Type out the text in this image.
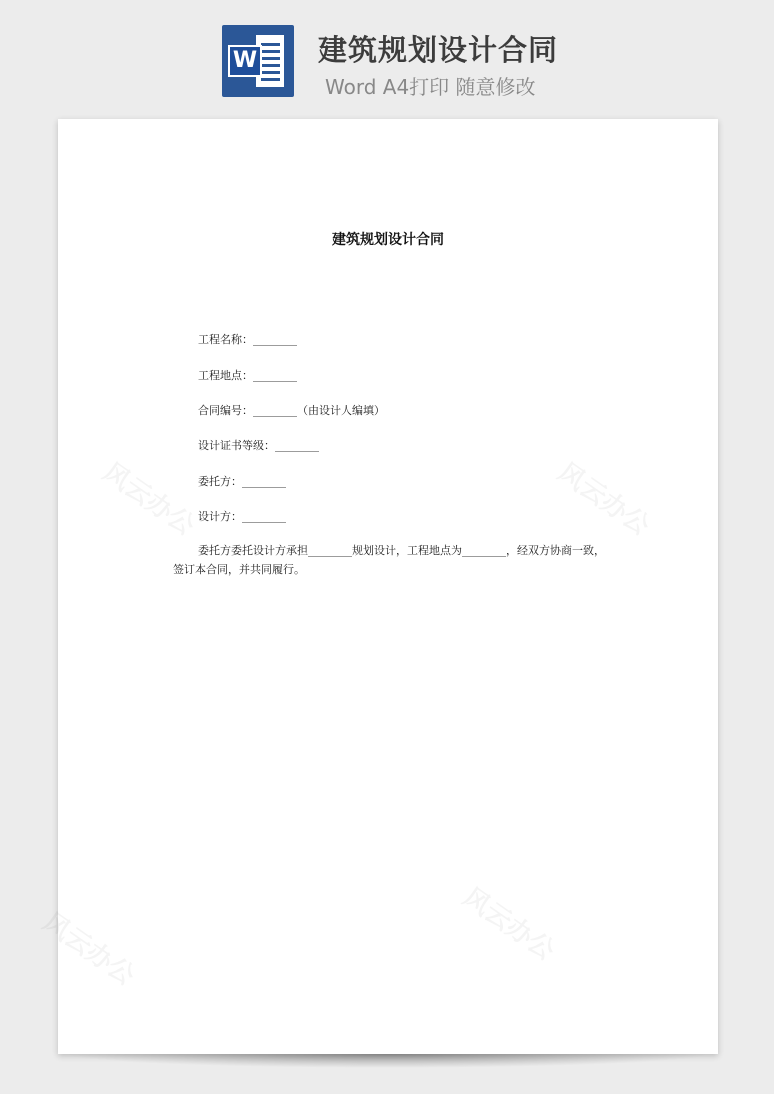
W 建筑规划设计合同
Word A4打印 随意修改
建筑规划设计合同
工程名称：________
工程地点：________
合同编号：________（由设计人编填）
设计证书等级：________
委托方：________
设计方：________
委托方委托设计方承担________规划设计，工程地点为________，经双方协商一致，签订本合同，并共同履行。
